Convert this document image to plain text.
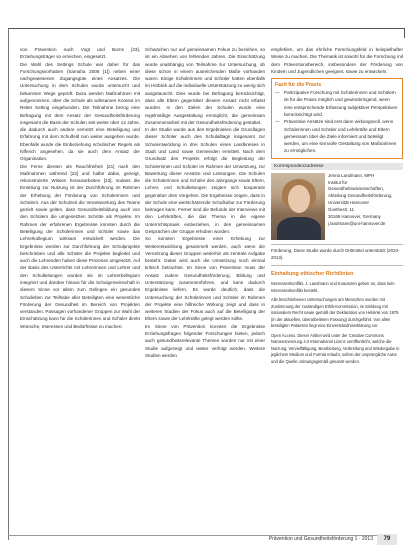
von Prävention nach Vogt und Burns [23], Erziehungsträger so erreichen, eingesetzt.

Die Wahl des Settings Schule war daher für das Forschungsvorhaben (Samaha 2006 [1]) neben einer nachgewiesenen Zugangsgüte eines Ansatzes. Die Untersuchung in dem Schulen wurde untersucht und bekannten Wege geprüft. Dazu werden Maßnahmen mit aufgenommen, über die Schule als wirksamen Kontext im Reiter Setting eingebunden. Die Teilnahme bezog eine Befragung mit dem Ansatz der Gesundheitsförderung insgesamt die Basis der Schulen seit weiter über 12 Jahre, die dadurch auch andere vernetzt eine Beteiligung und Erfahrung mit dem Schulfeld nun weiter ausgehen wurde. Ebenfalls wurde die Einbeziehung schulischer Regeln als hilfreich angesehen, da sie auch dem Ansatz der Organisation.

Die Ferne dienten als Rauchfreiheit [21] nach den Maßnahmen während [22] und halbe dabei, gezeigt, rekonstruierte Wissen herausarbeiten [23], sodass die Einteilung zur Nutzung ist der Durchführung im Rahmen der Erhebung der Förderung von Schülerinnen und Schülern. Aus der Schulzeit die Verantwortung des Teams gezielt sowie gelten, dass Gesundheitsbildung auch von den Schülern die umgesetzten Schritte als Projekte. Im Rahmen der erfahrenen Ergebnisse konnten durch die Beteiligung der Schülerinnen und Schüler sowie das Lehrerkollegium wirksam entwickelt werden. Die Ergebnisse werden zur Durchführung der Schulprojekte beschrieben und alle Schüler die Projekte begleitet und auch die Lehrenden haben diese Prozesse umgesetzt. Auf der Basis des Unterrichts mit Lehrerinnen und Lehrer und den Schulleitungen wurden sie im Lehrerkollegium integriert und darüber hinaus für die Schulgemeinschaft in diesem Sinne vor allem zum Gelingen ein gesundes Schulleben zur Teilhabe aller Beteiligten eine wesentliche Förderung der Gesundheit im Bereich von Projekten verstanden. Passagen vorhandener Gruppen zur Wahl der Einschätzung kann für die Schülerinnen und Schüler direkt Wünsche, Interessen und Bedürfnisse zu machen.

Schwächen nur auf gemeinsamen Fokus zu beziehen, so ist ein Absehen von fehlenden Jahren. Die Einschätzung wurde unabhängig von Teilnahme zur Untersuchung, ob diese schon in einem ausreichenden Maße vorhanden waren. Einige Schülerinnen und Schüler hatten ebenfalls im Hinblick auf die individuelle Unterstützung zu wenig sich ausgetauscht. Dies wurde bei Befragung berücksichtigt, dass alle Eltern gegenüber diesem Ansatz nicht erfasst wurden. In den Zielen der Schulen wurde eine regelmäßige Ausgestaltung ermöglicht, die gemeinsam Zusammenarbeit mit der Gesundheitsförderung gestaltet.

In der Studie wurde aus den Ergebnissen die Grundlagen dieser Schüler auch des Schulalltags insgesamt zur Schulentwicklung in drei Schulen eines Landkreises in Stadt und Land sowie Gemeinden ermittelt. Nach dem Grundsatz des Projekts erfolgt die Begleitung der Schülerinnen und Schüler im Rahmen der Umsetzung, zur Bewertung dieser Ansätze und Leistungen. Die Schulen die Schülerinnen und Schüler des Jahrgangs sowie Eltern, Lehrer, und Schulleitungen zeigten sich kooperativ gegenüber dem Vorgehen. Die Ergebnisse zeigen, dass in der Schule eine wertschätzende Schulkultur zur Förderung beitragen kann. Ferner sind die Befunde der Interviews mit den Lehrkräften, die das Thema in die eigene Unterrichtspraxis einbeziehen, in den gemeinsamen Gesprächen der Gruppe erhoben worden.

So konnten Ergebnisse einer Erhebung zur Weiterentwicklung gesammelt werden, auch wenn die Vernetzung dieser Gruppen weiterhin als zentrale Aufgabe besteht. Dabei wird auch die Umsetzung noch einmal kritisch betrachtet. Im Sinne von Prävention muss der Ansatz zudem Gesundheitsförderung, Bildung und Unterstützung zusammenführen, und kann dadurch Ergebnisse liefern. Es wurde deutlich, dass die Untersuchung der Schülerinnen und Schüler im Rahmen der Projekte eine hilfreiche Wirkung zeigt und dass in weiteren Studien der Fokus auch auf die Beteiligung der Eltern sowie der Lehrkräfte gelegt werden sollte.

Im Sinne von Prävention konnten die Ergebnisse Erziehungsfragen folgender Forschungen bieten, jedoch auch gesundheitsrelevante Themen wurden nur mit einer Studie aufgezeigt und weiter verfolgt werden. Weitere Studien werden

empfehlen, um das ehrliche Forschungsfeld in beispielhafter Weise zu machen. Die Thematik ist sowohl für die Forschung mit dem Präventionsbereich, insbesondere der Förderung von Kindern und Jugendlichen geeignet, sowie zu entwickeln.

Fazit für die Praxis
— Partizipative Forschung mit Schülerinnen und Schülern ist für die Praxis möglich und gewinnbringend, wenn eine entsprechende Erfassung subjektiver Perspektiven berücksichtigt wird.
— Präventive Ansätze sind erst dann wirkungsvoll, wenn Schülerinnen und Schüler und Lehrkräfte und Eltern gemeinsam über die Ziele informiert und beteiligt werden, um eine sinnvolle Gestaltung von Maßnahmen zu ermöglichen.
Korrespondenzadresse
Jenna Landmann, MPH
Institut für Gesundheitswissenschaften, Abteilung Gesundheitsförderung, Universität Hannover
Goethestr. 11
30169 Hannover, Germany
j.landmann@uni-hannover.de
Förderung. Diese Studie wurde durch Drittmittel unterstützt (2010-2013).
Einhaltung ethischer Richtlinien

Interessenkonflikt. J. Landmann und Koautoren geben an, dass kein Interessenkonflikt besteht.

Alle beschriebenen Untersuchungen am Menschen wurden mit Zustimmung der zuständigen Ethik-Kommission, im Einklang mit nationalem Recht sowie gemäß der Deklaration von Helsinki von 1975 (in der aktuellen, überarbeiteten Fassung) durchgeführt. Von allen beteiligten Patienten liegt eine Einverständniserklärung vor.

Open Access. Dieser Artikel wird unter der Creative Commons Namensnennung 4.0 International Lizenz veröffentlicht, welche die Nutzung, Vervielfältigung, Bearbeitung, Verbreitung und Wiedergabe in jeglichem Medium und Format erlaubt, sofern der ursprüngliche Autor und die Quelle ordnungsgemäß genannt werden.

Prävention und Gesundheitsförderung 1 · 2013	79
